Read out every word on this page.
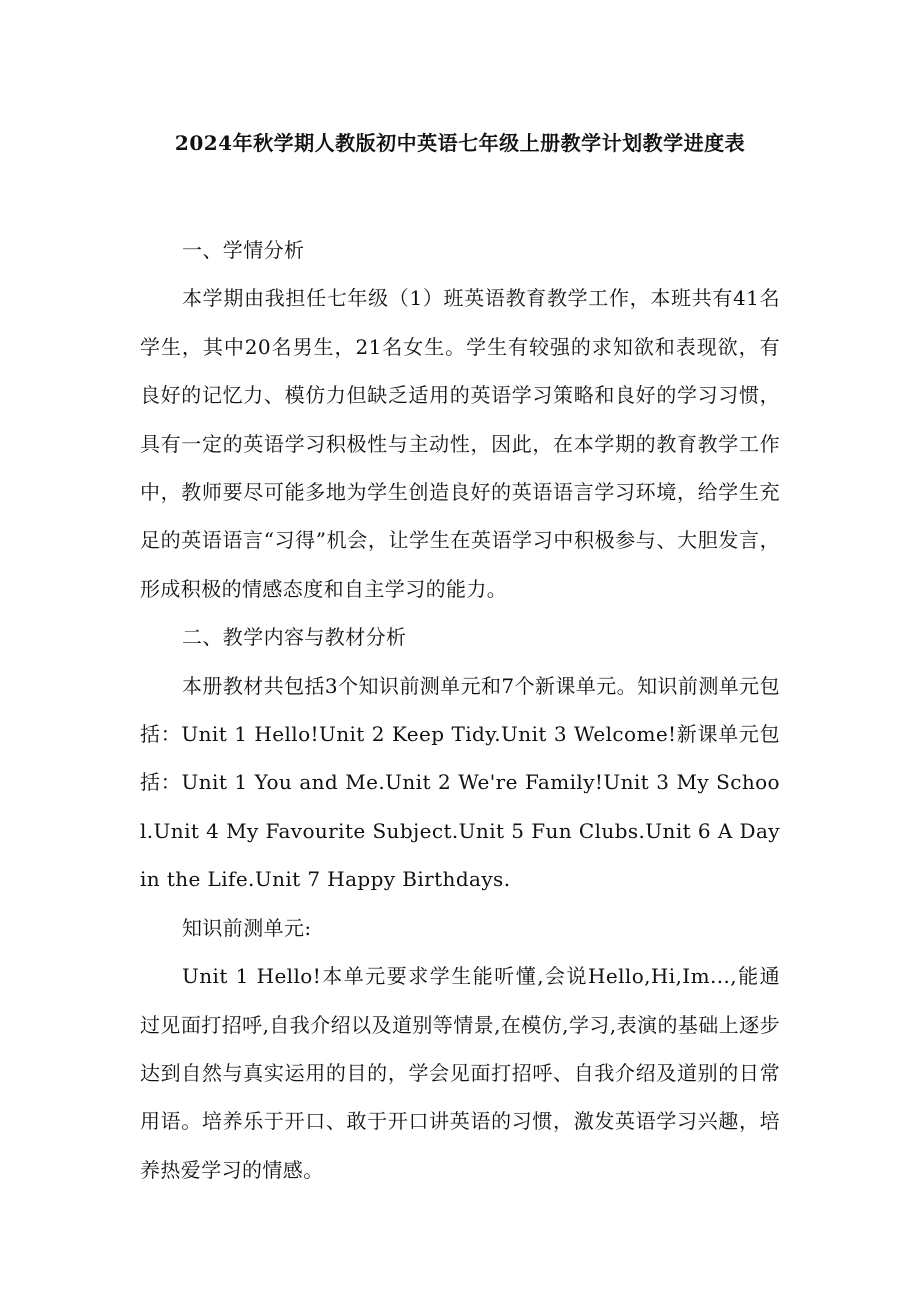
2024年秋学期人教版初中英语七年级上册教学计划教学进度表

一、学情分析

本学期由我担任七年级（1）班英语教育教学工作，本班共有41名学生，其中20名男生，21名女生。学生有较强的求知欲和表现欲，有良好的记忆力、模仿力但缺乏适用的英语学习策略和良好的学习习惯，具有一定的英语学习积极性与主动性，因此，在本学期的教育教学工作中，教师要尽可能多地为学生创造良好的英语语言学习环境，给学生充足的英语语言“习得”机会，让学生在英语学习中积极参与、大胆发言，形成积极的情感态度和自主学习的能力。

二、教学内容与教材分析

本册教材共包括3个知识前测单元和7个新课单元。知识前测单元包括：Unit 1 Hello!Unit 2 Keep Tidy.Unit 3 Welcome!新课单元包括：Unit 1 You and Me.Unit 2 We're Family!Unit 3 My School.Unit 4 My Favourite Subject.Unit 5 Fun Clubs.Unit 6 A Day in the Life.Unit 7 Happy Birthdays.

知识前测单元:

Unit 1 Hello!本单元要求学生能听懂,会说Hello,Hi,Im...,能通过见面打招呼,自我介绍以及道别等情景,在模仿,学习,表演的基础上逐步达到自然与真实运用的目的，学会见面打招呼、自我介绍及道别的日常用语。培养乐于开口、敢于开口讲英语的习惯，激发英语学习兴趣，培养热爱学习的情感。
